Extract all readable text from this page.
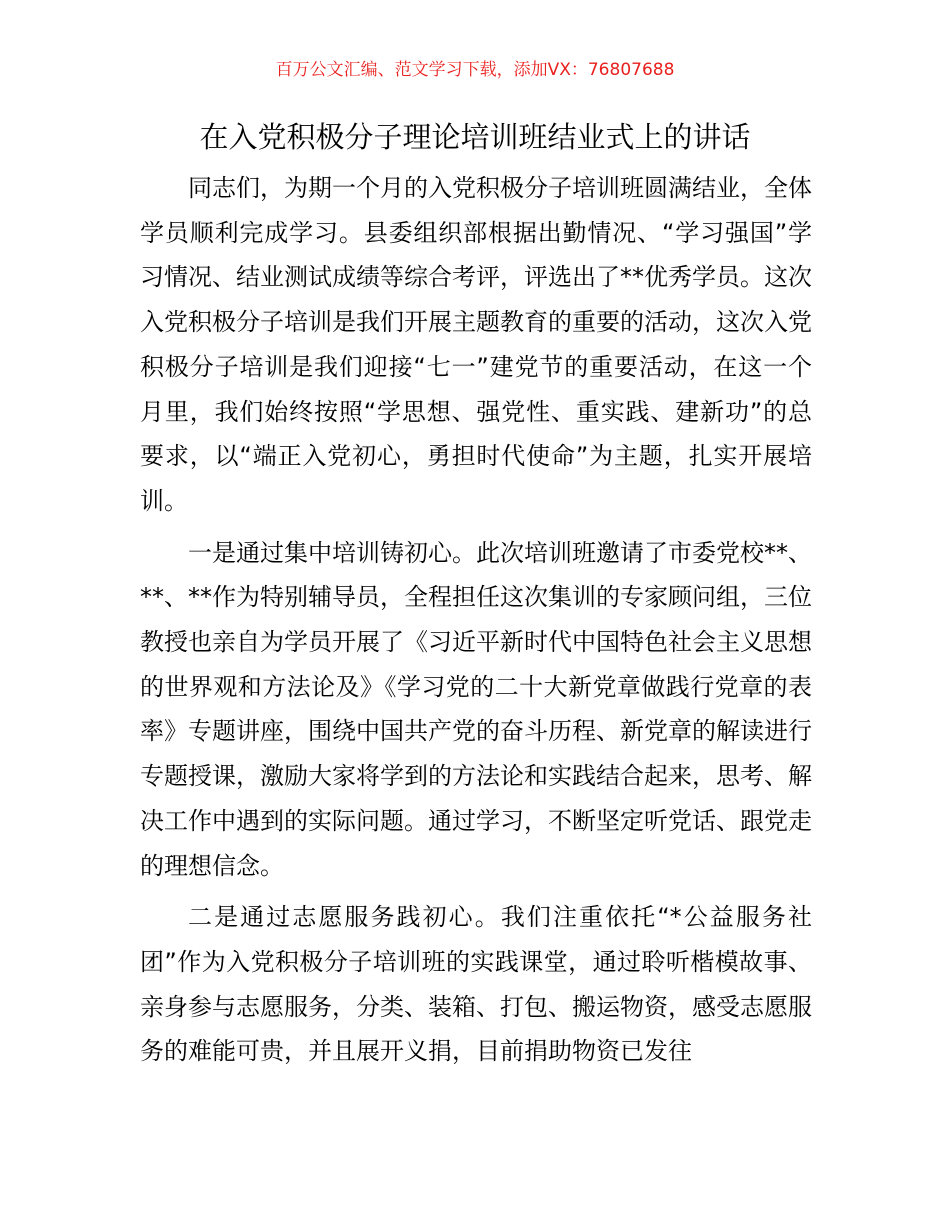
百万公文汇编、范文学习下载，添加VX：76807688
在入党积极分子理论培训班结业式上的讲话

同志们，为期一个月的入党积极分子培训班圆满结业，全体学员顺利完成学习。县委组织部根据出勤情况、“学习强国”学习情况、结业测试成绩等综合考评，评选出了**优秀学员。这次入党积极分子培训是我们开展主题教育的重要的活动，这次入党积极分子培训是我们迎接“七一”建党节的重要活动，在这一个月里，我们始终按照“学思想、强党性、重实践、建新功”的总要求，以“端正入党初心，勇担时代使命”为主题，扎实开展培训。

一是通过集中培训铸初心。此次培训班邀请了市委党校**、**、**作为特别辅导员，全程担任这次集训的专家顾问组，三位教授也亲自为学员开展了《习近平新时代中国特色社会主义思想的世界观和方法论及》《学习党的二十大新党章做践行党章的表率》专题讲座，围绕中国共产党的奋斗历程、新党章的解读进行专题授课，激励大家将学到的方法论和实践结合起来，思考、解决工作中遇到的实际问题。通过学习，不断坚定听党话、跟党走的理想信念。

二是通过志愿服务践初心。我们注重依托“*公益服务社团”作为入党积极分子培训班的实践课堂，通过聆听楷模故事、亲身参与志愿服务，分类、装箱、打包、搬运物资，感受志愿服务的难能可贵，并且展开义捐，目前捐助物资已发往
